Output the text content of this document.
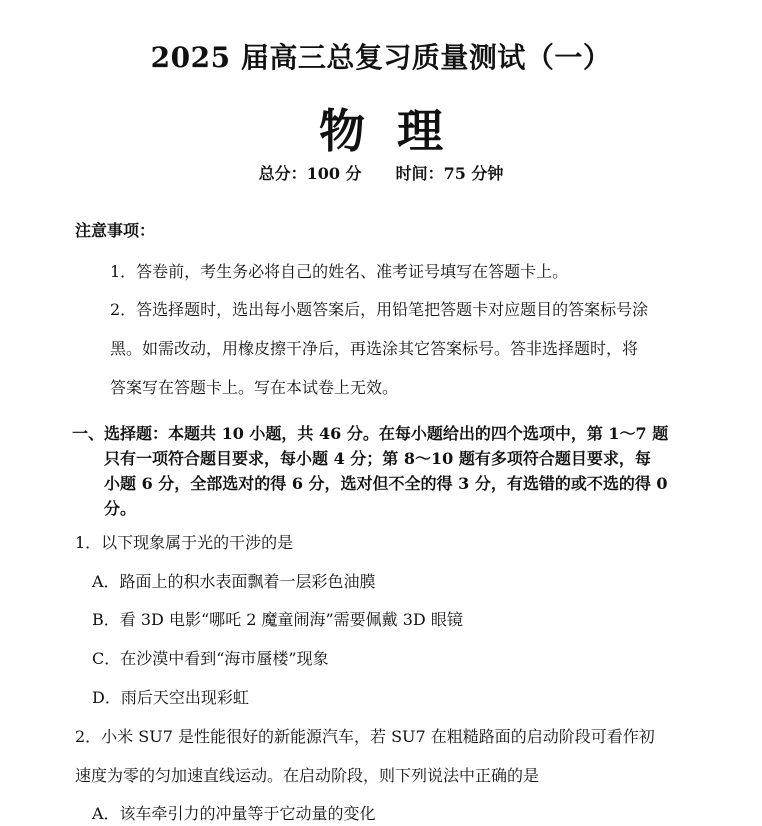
2025 届高三总复习质量测试（一）
物  理
总分：100 分 时间：75 分钟
注意事项：
1．答卷前，考生务必将自己的姓名、准考证号填写在答题卡上。
2．答选择题时，选出每小题答案后，用铅笔把答题卡对应题目的答案标号涂
黑。如需改动，用橡皮擦干净后，再选涂其它答案标号。答非选择题时，将
答案写在答题卡上。写在本试卷上无效。
一、选择题：本题共 10 小题，共 46 分。在每小题给出的四个选项中，第 1～7 题
只有一项符合题目要求，每小题 4 分；第 8～10 题有多项符合题目要求，每
小题 6 分，全部选对的得 6 分，选对但不全的得 3 分，有选错的或不选的得 0
分。
1．以下现象属于光的干涉的是
A．路面上的积水表面飘着一层彩色油膜
B．看 3D 电影“哪吒 2 魔童闹海”需要佩戴 3D 眼镜
C．在沙漠中看到“海市蜃楼”现象
D．雨后天空出现彩虹
2．小米 SU7 是性能很好的新能源汽车，若 SU7 在粗糙路面的启动阶段可看作初
速度为零的匀加速直线运动。在启动阶段，则下列说法中正确的是
A．该车牵引力的冲量等于它动量的变化
